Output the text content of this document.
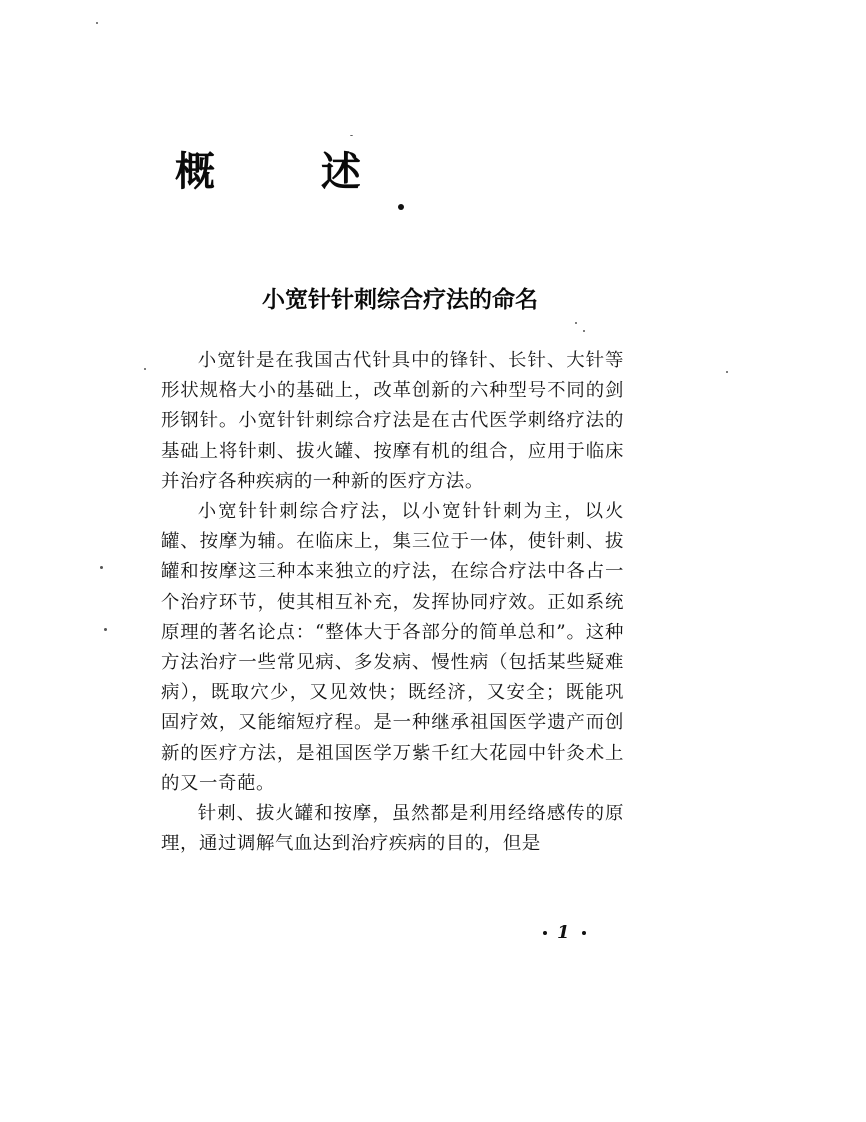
概 述
小宽针针刺综合疗法的命名

小宽针是在我国古代针具中的锋针、长针、大针等形状规格大小的基础上，改革创新的六种型号不同的剑形钢针。小宽针针刺综合疗法是在古代医学刺络疗法的基础上将针刺、拔火罐、按摩有机的组合，应用于临床并治疗各种疾病的一种新的医疗方法。

小宽针针刺综合疗法，以小宽针针刺为主，以火罐、按摩为辅。在临床上，集三位于一体，使针刺、拔罐和按摩这三种本来独立的疗法，在综合疗法中各占一个治疗环节，使其相互补充，发挥协同疗效。正如系统原理的著名论点：“整体大于各部分的简单总和”。这种方法治疗一些常见病、多发病、慢性病（包括某些疑难病），既取穴少，又见效快；既经济，又安全；既能巩固疗效，又能缩短疗程。是一种继承祖国医学遗产而创新的医疗方法，是祖国医学万紫千红大花园中针灸术上的又一奇葩。

针刺、拔火罐和按摩，虽然都是利用经络感传的原理，通过调解气血达到治疗疾病的目的，但是

1
